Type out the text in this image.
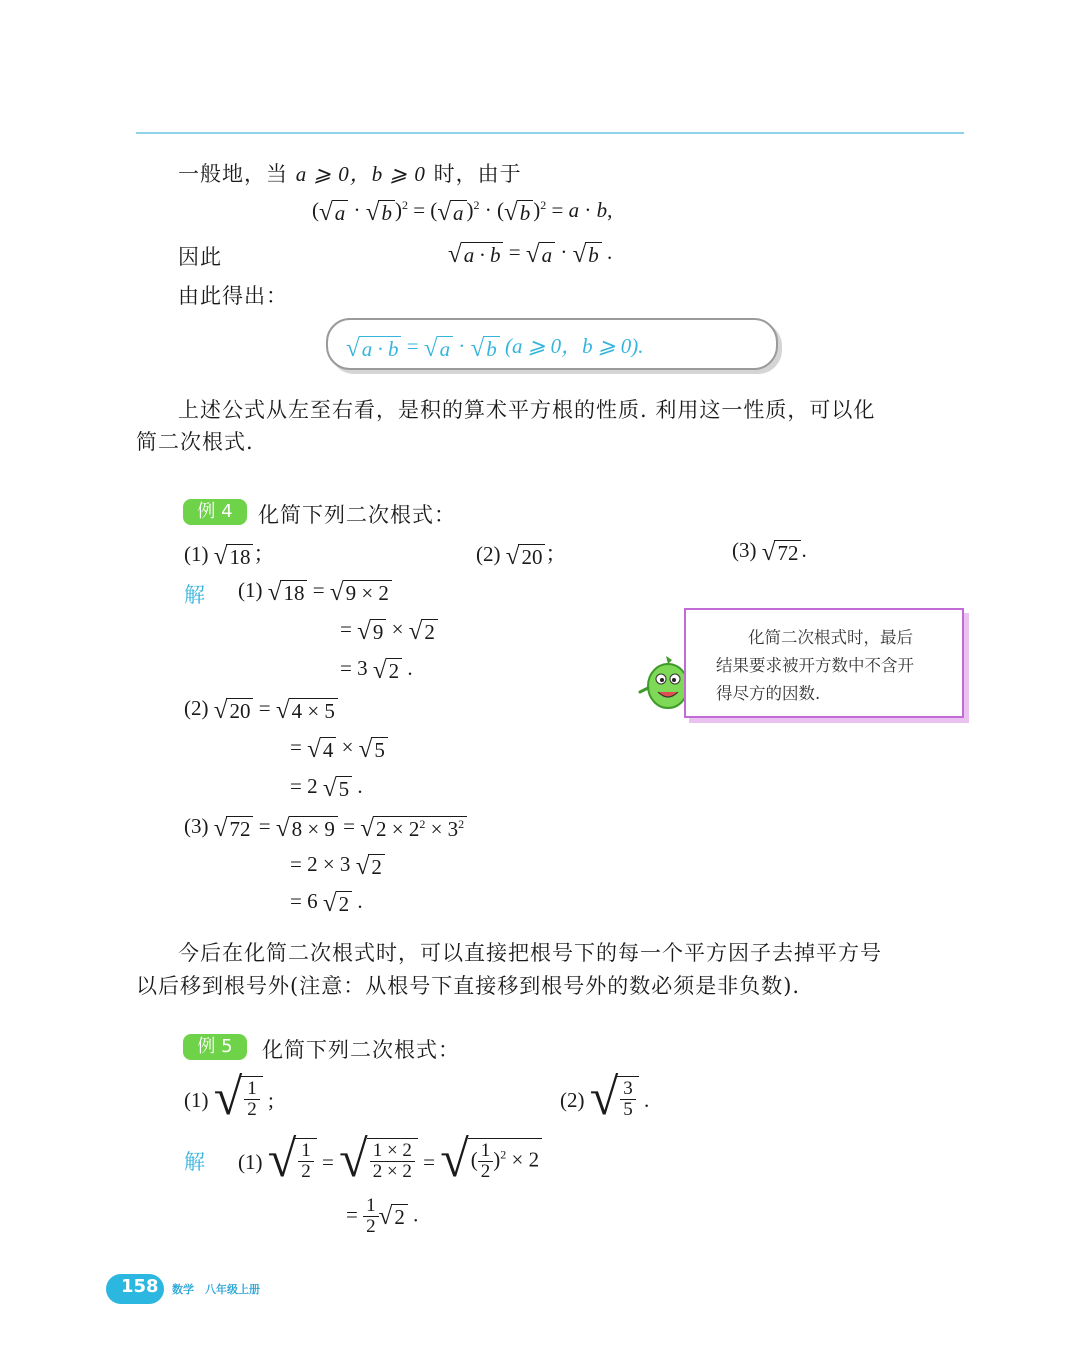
一般地，当 a ⩾ 0，b ⩾ 0 时，由于
( √ a · √ b )$^2$ = ( √ a )$^2$ · ( √ b )$^2$ = a · b,
因此	√ a · b = √ a · √ b .
由此得出：
√ a · b = √ a · √ b (a ⩾ 0，b ⩾ 0).
上述公式从左至右看，是积的算术平方根的性质. 利用这一性质，可以化
简二次根式.
例 4	化简下列二次根式：
(1) √ 18 ；	(2) √ 20 ；	(3) √ 72 .
解 (1) √ 18 = √ 9 × 2
= √ 9 × √ 2
= 3 √ 2 .
(2) √ 20 = √ 4 × 5
= √ 4 × √ 5
= 2 √ 5 .
(3) √ 72 = √ 8 × 9 = √ $2 \times 2^2 \times 3^2$
= 2 × 3 √ 2
= 6 √ 2 .
化简二次根式时，最后
结果要求被开方数中不含开
得尽方的因数.
今后在化简二次根式时，可以直接把根号下的每一个平方因子去掉平方号
以后移到根号外(注意：从根号下直接移到根号外的数必须是非负数).
例 5	化简下列二次根式：
(1) √ $\frac{1}{2}$ ;	(2) √ $\frac{3}{5}$ .
解 (1) √ $\frac{1}{2}$ = √ $\frac{1 \times 2}{2 \times 2}$ = √ ( $\frac{1}{2} )^2 \times 2$
= $\frac{1}{2}$ √ 2 .
158 数学　八年级上册
